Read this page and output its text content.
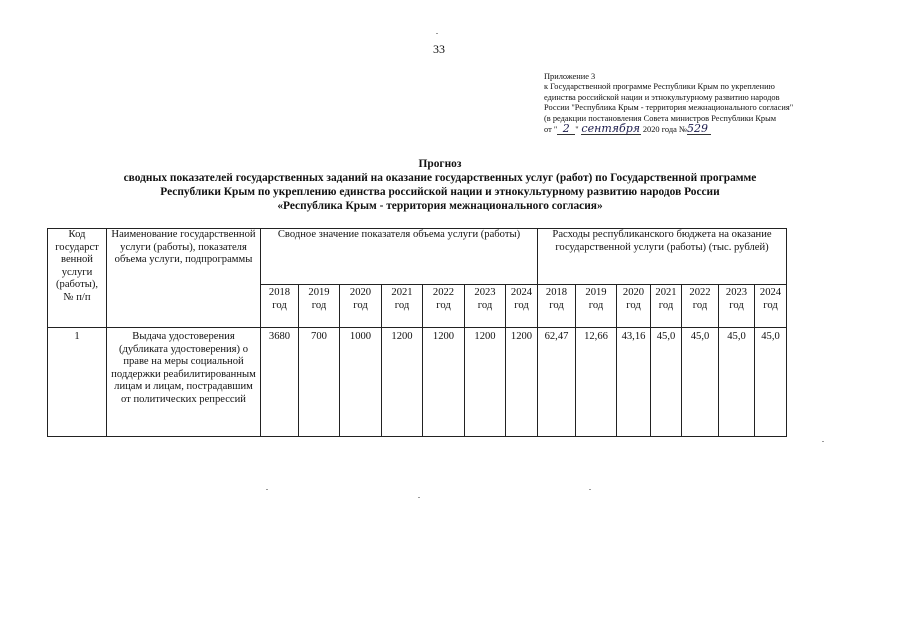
33
Приложение 3
к Государственной программе Республики Крым по укреплению
единства российской нации и этнокультурному развитию народов
России "Республика Крым - территория межнационального согласия"
(в редакции постановления Совета министров Республики Крым
от " 2 " сентября 2020 года №529
Прогноз
сводных показателей государственных заданий на оказание государственных услуг (работ) по Государственной программе
Республики Крым по укреплению единства российской нации и этнокультурному развитию народов России
«Республика Крым - территория межнационального согласия»
Код государст венной услуги (работы), № п/п	Наименование государственной услуги (работы), показателя объема услуги, подпрограммы	Сводное значение показателя объема услуги (работы)							Расходы республиканского бюджета на оказание государственной услуги (работы) (тыс. рублей)						
		2018 год	2019 год	2020 год	2021 год	2022 год	2023 год	2024 год	2018 год	2019 год	2020 год	2021 год	2022 год	2023 год	2024 год
1	Выдача удостоверения (дубликата удостоверения) о праве на меры социальной поддержки реабилитированным лицам и лицам, пострадавшим от политических репрессий	3680	700	1000	1200	1200	1200	1200	62,47	12,66	43,16	45,0	45,0	45,0	45,0
